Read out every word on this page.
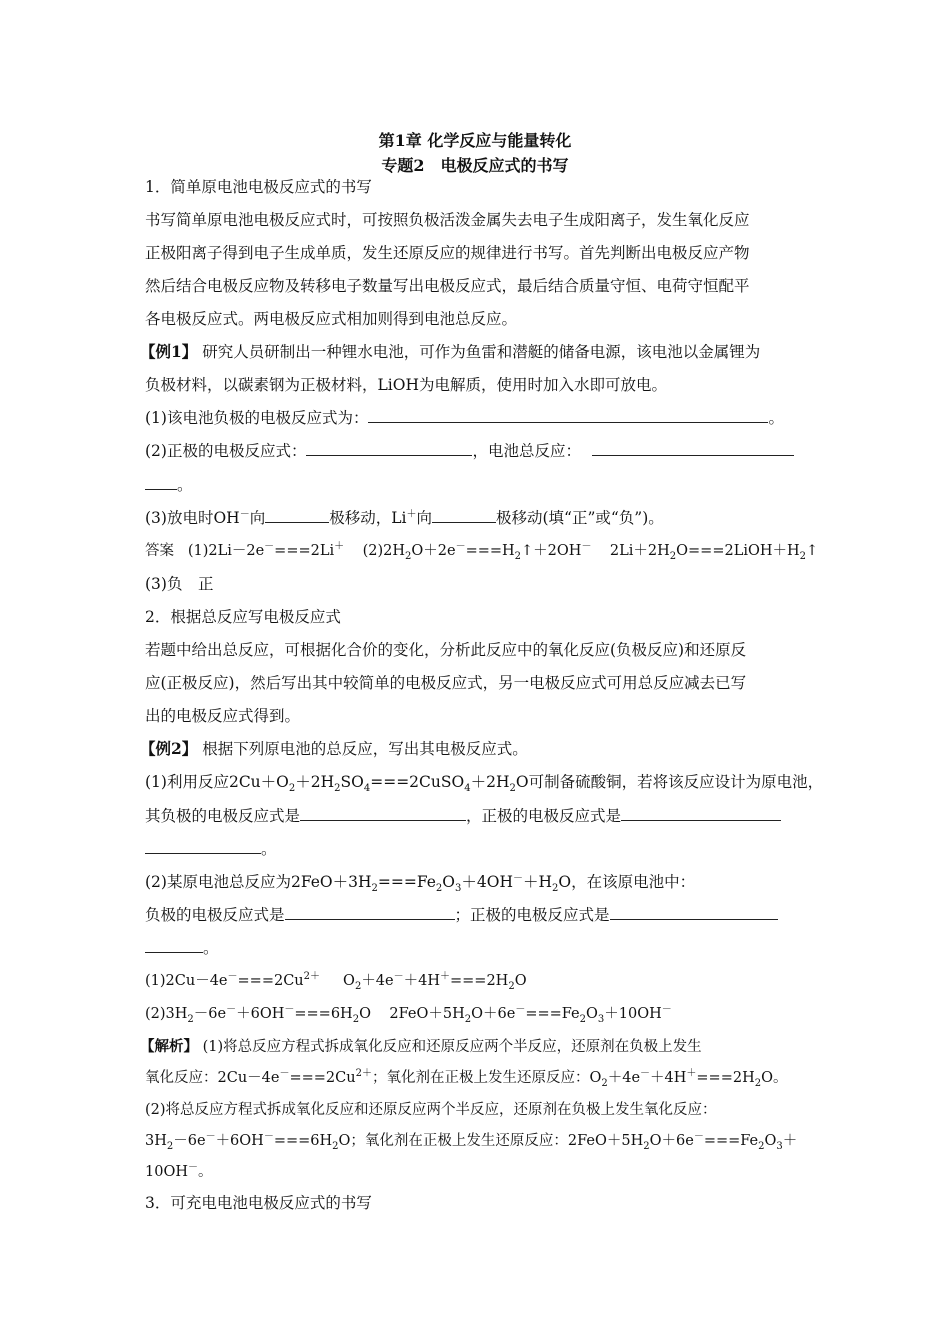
第1章 化学反应与能量转化
专题2　电极反应式的书写
1．简单原电池电极反应式的书写
书写简单原电池电极反应式时，可按照负极活泼金属失去电子生成阳离子，发生氧化反应
正极阳离子得到电子生成单质，发生还原反应的规律进行书写。首先判断出电极反应产物
然后结合电极反应物及转移电子数量写出电极反应式，最后结合质量守恒、电荷守恒配平
各电极反应式。两电极反应式相加则得到电池总反应。
【例1】 研究人员研制出一种锂水电池，可作为鱼雷和潜艇的储备电源，该电池以金属锂为
负极材料，以碳素钢为正极材料，LiOH为电解质，使用时加入水即可放电。
(1)该电池负极的电极反应式为：	。
(2)正极的电极反应式：	，电池总反应：
。
(3)放电时OH－向	极移动，Li＋向	极移动(填“正”或“负”)。
答案 (1)2Li－2e－===2Li＋ $(2)2H_2O+2e^-===H_2↑+2OH^-$ $2Li+2H_2O===2LiOH+H_2↑$
(3)负　正
2．根据总反应写电极反应式
若题中给出总反应，可根据化合价的变化，分析此反应中的氧化反应(负极反应)和还原反
应(正极反应)，然后写出其中较简单的电极反应式，另一电极反应式可用总反应减去已写
出的电极反应式得到。
【例2】 根据下列原电池的总反应，写出其电极反应式。
(1)利用反应$2Cu+O_2+2H_2SO_4===2CuSO_4+2H_2O$可制备硫酸铜，若将该反应设计为原电池，
其负极的电极反应式是	，正极的电极反应式是
。
(2)某原电池总反应为$2FeO+3H_2===Fe_2O_3+4OH^-+H_2O$，在该原电池中：
负极的电极反应式是	；正极的电极反应式是
。
$(1)2Cu-4e^-===2Cu^{2+}$ $O_2+4e^-+4H^+===2H_2O$
$(2)3H_2-6e^-+6OH^-===6H_2O$ $2FeO+5H_2O+6e^-===Fe_2O_3+10OH^-$
【解析】 (1)将总反应方程式拆成氧化反应和还原反应两个半反应，还原剂在负极上发生
氧化反应：$2Cu-4e^-===2Cu^{2+}$；氧化剂在正极上发生还原反应：$O_2+4e^-+4H^+===2H_2O$。
(2)将总反应方程式拆成氧化反应和还原反应两个半反应，还原剂在负极上发生氧化反应：
$3H_2-6e^-+6OH^-===6H_2O$；氧化剂在正极上发生还原反应：$2FeO+5H_2O+6e^-===Fe_2O_3+$
10OH－。
3．可充电电池电极反应式的书写
